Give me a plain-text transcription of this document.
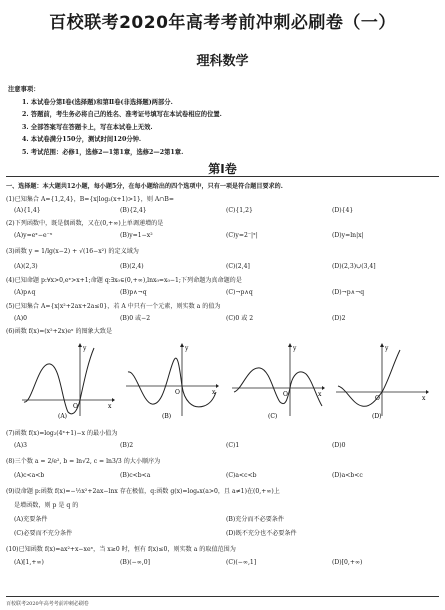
百校联考2020年高考考前冲刺必刷卷（一）
理科数学
注意事项：
1. 本试卷分第Ⅰ卷(选择题)和第Ⅱ卷(非选择题)两部分.
2. 答题前，考生务必将自己的姓名、准考证号填写在本试卷相应的位置.
3. 全部答案写在答题卡上，写在本试卷上无效.
4. 本试卷满分150分，测试时间120分钟.
5. 考试范围：必修1，选修2—1第1章，选修2—2第1章.
第Ⅰ卷
一、选择题：本大题共12小题，每小题5分，在每小题给出的四个选项中，只有一项是符合题目要求的.
(1)已知集合 A={1,2,4}，B={x|log₂(x+1)>1}，则 A∩B=
(A){1,4}	(B){2,4}	(C){1,2}	(D){4}
(2)下列函数中，既是偶函数，又在(0,+∞)上单调递增的是
(A)y=eˣ−e⁻ˣ	(B)y=1−x²	(C)y=2⁻|ˣ|	(D)y=ln|x|
(3)函数 y = 1/lg(x−2) + √(16−x²) 的定义域为
(A)(2,3)	(B)(2,4)	(C)(2,4]	(D)(2,3)∪(3,4]
(4)已知命题 p:∀x>0,eˣ>x+1;命题 q:∃x₀∈(0,+∞),lnx₀=x₀−1;下列命题为真命题的是
(A)p∧q	(B)p∧¬q	(C)¬p∧q	(D)¬p∧¬q
(5)已知集合 A={x|x²+2ax+2a≤0}，若 A 中只有一个元素，则实数 a 的值为
(A)0	(B)0 或−2	(C)0 或 2	(D)2
(6)函数 f(x)=(x²+2x)eˣ 的图象大致是
y
x
O
(A)
y
x
O
(B)
y
x
O
(C)
y
x
O
(D)
(7)函数 f(x)=log₂(4ˣ+1)−x 的最小值为
(A)3	(B)2	(C)1	(D)0
(8)三个数 a = 2/e², b = ln√2, c = ln3/3 的大小顺序为
(A)c<a<b	(B)c<b<a	(C)a<c<b	(D)a<b<c
(9)设命题 p:函数 f(x)=−½x²+2ax−lnx 存在极值，q:函数 g(x)=logₐx(a>0，且 a≠1)在(0,+∞)上
是增函数，则 p 是 q 的
(A)充要条件	(B)充分而不必要条件
(C)必要而不充分条件	(D)既不充分也不必要条件
(10)已知函数 f(x)=ax²+x−xeˣ，当 x≥0 时，恒有 f(x)≤0，则实数 a 的取值范围为
(A)[1,+∞)	(B)(−∞,0]	(C)(−∞,1]	(D)[0,+∞)
百校联考2020年高考考前冲刺必刷卷
